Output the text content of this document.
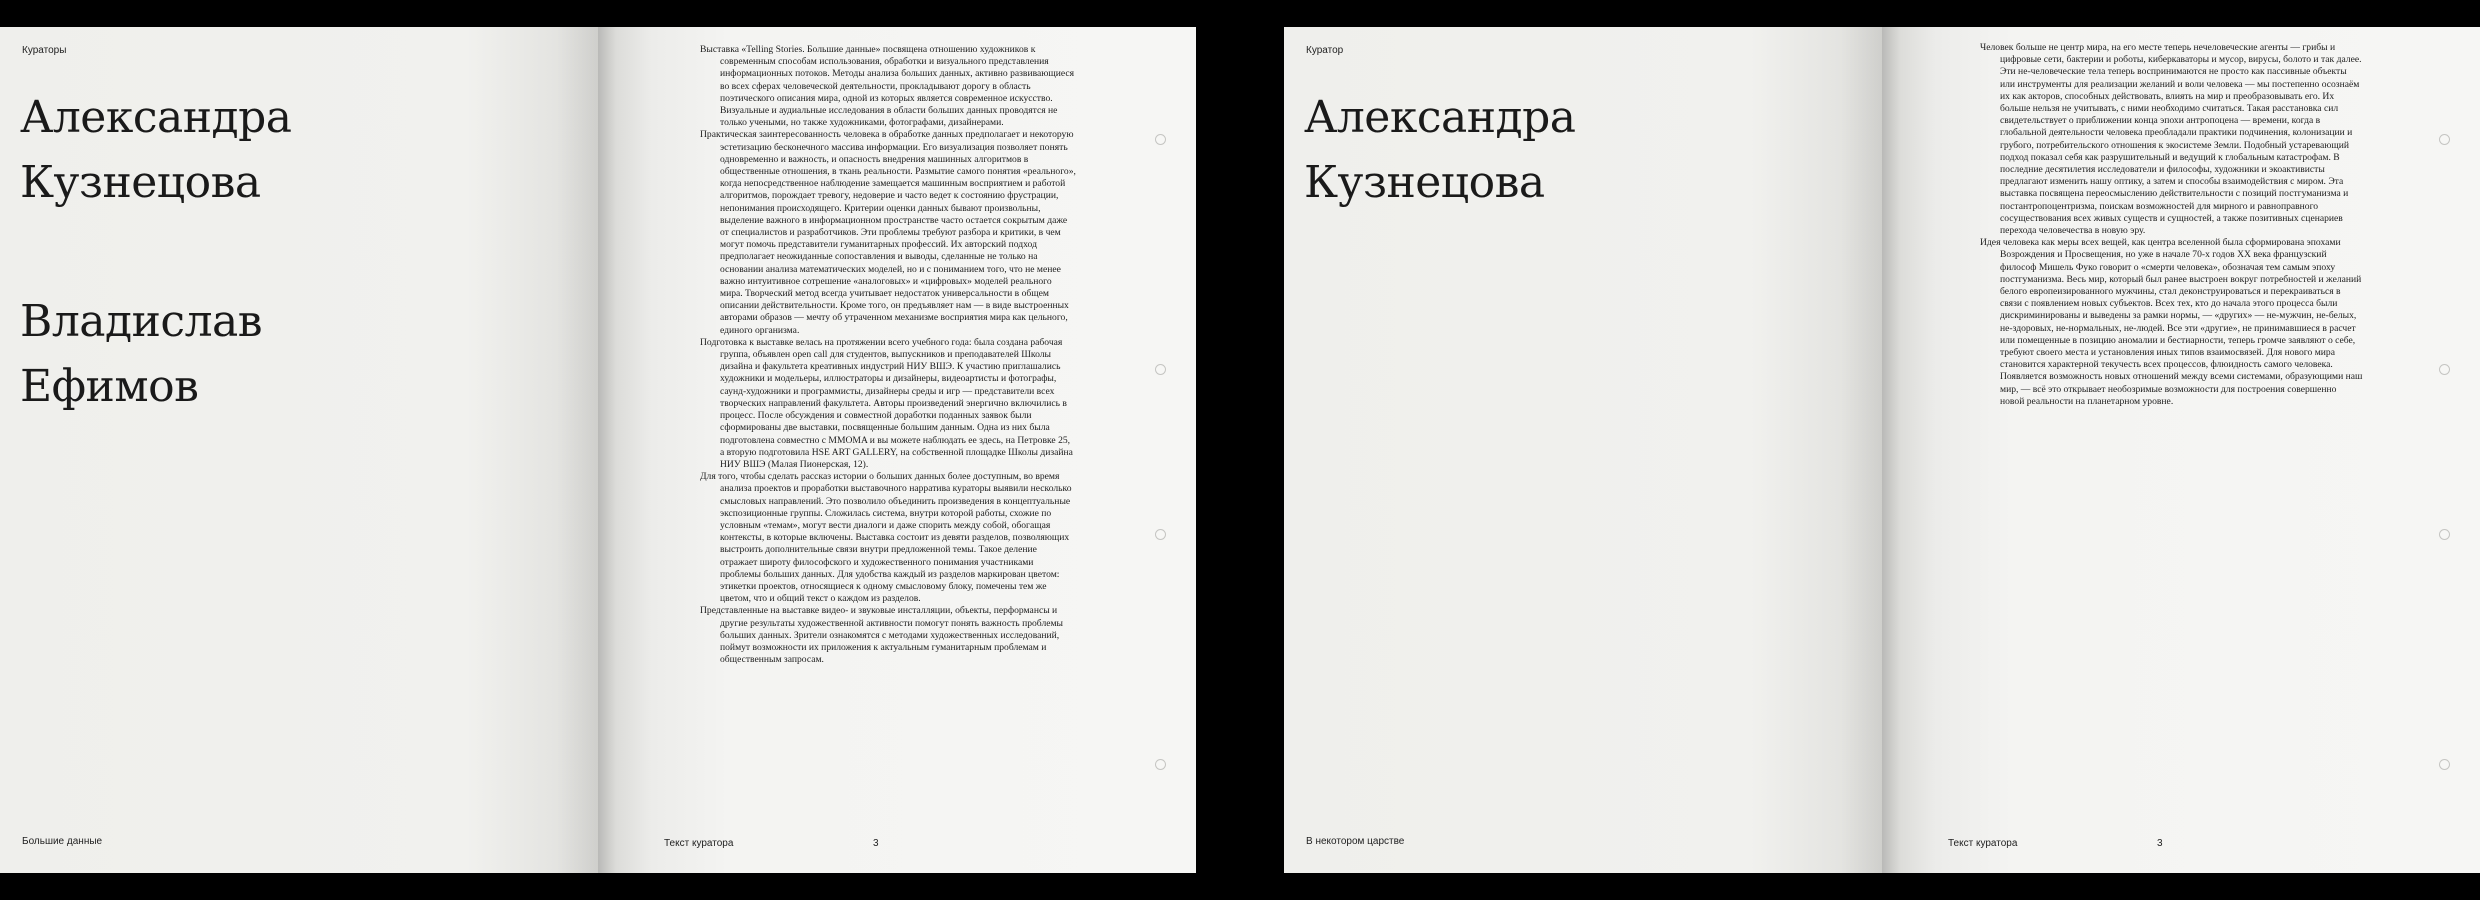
Кураторы
Александра
Кузнецова
Владислав
Ефимов
Большие данные

Выставка «Telling Stories. Большие данные» посвящена отношению художников к современным способам использования, обработки и визуального представления информационных потоков. Методы анализа больших данных, активно развивающиеся во всех сферах человеческой деятельности, прокладывают дорогу в область поэтического описания мира, одной из которых является современное искусство. Визуальные и аудиальные исследования в области больших данных проводятся не только учеными, но также художниками, фотографами, дизайнерами.

Практическая заинтересованность человека в обработке данных предполагает и некоторую эстетизацию бесконечного массива информации. Его визуализация позволяет понять одновременно и важность, и опасность внедрения машинных алгоритмов в общественные отношения, в ткань реальности. Размытие самого понятия «реального», когда непосредственное наблюдение замещается машинным восприятием и работой алгоритмов, порождает тревогу, недоверие и часто ведет к состоянию фрустрации, непонимания происходящего. Критерии оценки данных бывают произвольны, выделение важного в информационном пространстве часто остается сокрытым даже от специалистов и разработчиков. Эти проблемы требуют разбора и критики, в чем могут помочь представители гуманитарных профессий. Их авторский подход предполагает неожиданные сопоставления и выводы, сделанные не только на основании анализа математических моделей, но и с пониманием того, что не менее важно интуитивное сотрешение «аналоговых» и «цифровых» моделей реального мира. Творческий метод всегда учитывает недостаток универсальности в общем описании действительности. Кроме того, он предъявляет нам — в виде выстроенных авторами образов — мечту об утраченном механизме восприятия мира как цельного, единого организма.

Подготовка к выставке велась на протяжении всего учебного года: была создана рабочая группа, объявлен open call для студентов, выпускников и преподавателей Школы дизайна и факультета креативных индустрий НИУ ВШЭ. К участию приглашались художники и модельеры, иллюстраторы и дизайнеры, видеоартисты и фотографы, саунд-художники и программисты, дизайнеры среды и игр — представители всех творческих направлений факультета. Авторы произведений энергично включились в процесс. После обсуждения и совместной доработки поданных заявок были сформированы две выставки, посвященные большим данным. Одна из них была подготовлена совместно с MMOMA и вы можете наблюдать ее здесь, на Петровке 25, а вторую подготовила HSE ART GALLERY, на собственной площадке Школы дизайна НИУ ВШЭ (Малая Пионерская, 12).

Для того, чтобы сделать рассказ истории о больших данных более доступным, во время анализа проектов и проработки выставочного нарратива кураторы выявили несколько смысловых направлений. Это позволило объединить произведения в концептуальные экспозиционные группы. Сложилась система, внутри которой работы, схожие по условным «темам», могут вести диалоги и даже спорить между собой, обогащая контексты, в которые включены. Выставка состоит из девяти разделов, позволяющих выстроить дополнительные связи внутри предложенной темы. Такое деление отражает широту философского и художественного понимания участниками проблемы больших данных. Для удобства каждый из разделов маркирован цветом: этикетки проектов, относящиеся к одному смысловому блоку, помечены тем же цветом, что и общий текст о каждом из разделов.

Представленные на выставке видео- и звуковые инсталляции, объекты, перформансы и другие результаты художественной активности помогут понять важность проблемы больших данных. Зрители ознакомятся с методами художественных исследований, поймут возможности их приложения к актуальным гуманитарным проблемам и общественным запросам.

Текст куратора	3
Куратор
Александра
Кузнецова
В некотором царстве

Человек больше не центр мира, на его месте теперь нечеловеческие агенты — грибы и цифровые сети, бактерии и роботы, киберкаваторы и мусор, вирусы, болото и так далее. Эти не-человеческие тела теперь воспринимаются не просто как пассивные объекты или инструменты для реализации желаний и воли человека — мы постепенно осознаём их как акторов, способных действовать, влиять на мир и преобразовывать его. Их больше нельзя не учитывать, с ними необходимо считаться. Такая расстановка сил свидетельствует о приближении конца эпохи антропоцена — времени, когда в глобальной деятельности человека преобладали практики подчинения, колонизации и грубого, потребительского отношения к экосистеме Земли. Подобный устаревающий подход показал себя как разрушительный и ведущий к глобальным катастрофам. В последние десятилетия исследователи и философы, художники и экоактивисты предлагают изменить нашу оптику, а затем и способы взаимодействия с миром. Эта выставка посвящена переосмыслению действительности с позиций постгуманизма и постантропоцентризма, поискам возможностей для мирного и равноправного сосуществования всех живых существ и сущностей, а также позитивных сценариев перехода человечества в новую эру.

Идея человека как меры всех вещей, как центра вселенной была сформирована эпохами Возрождения и Просвещения, но уже в начале 70-х годов XX века французский философ Мишель Фуко говорит о «смерти человека», обозначая тем самым эпоху постгуманизма. Весь мир, который был ранее выстроен вокруг потребностей и желаний белого европеизированного мужчины, стал деконструироваться и перекраиваться в связи с появлением новых субъектов. Всех тех, кто до начала этого процесса были дискриминированы и выведены за рамки нормы, — «других» — не-мужчин, не-белых, не-здоровых, не-нормальных, не-людей. Все эти «другие», не принимавшиеся в расчет или помещенные в позицию аномалии и бестиарности, теперь громче заявляют о себе, требуют своего места и установления иных типов взаимосвязей. Для нового мира становится характерной текучесть всех процессов, флюидность самого человека. Появляется возможность новых отношений между всеми системами, образующими наш мир, — всё это открывает необозримые возможности для построения совершенно новой реальности на планетарном уровне.

Текст куратора	3
